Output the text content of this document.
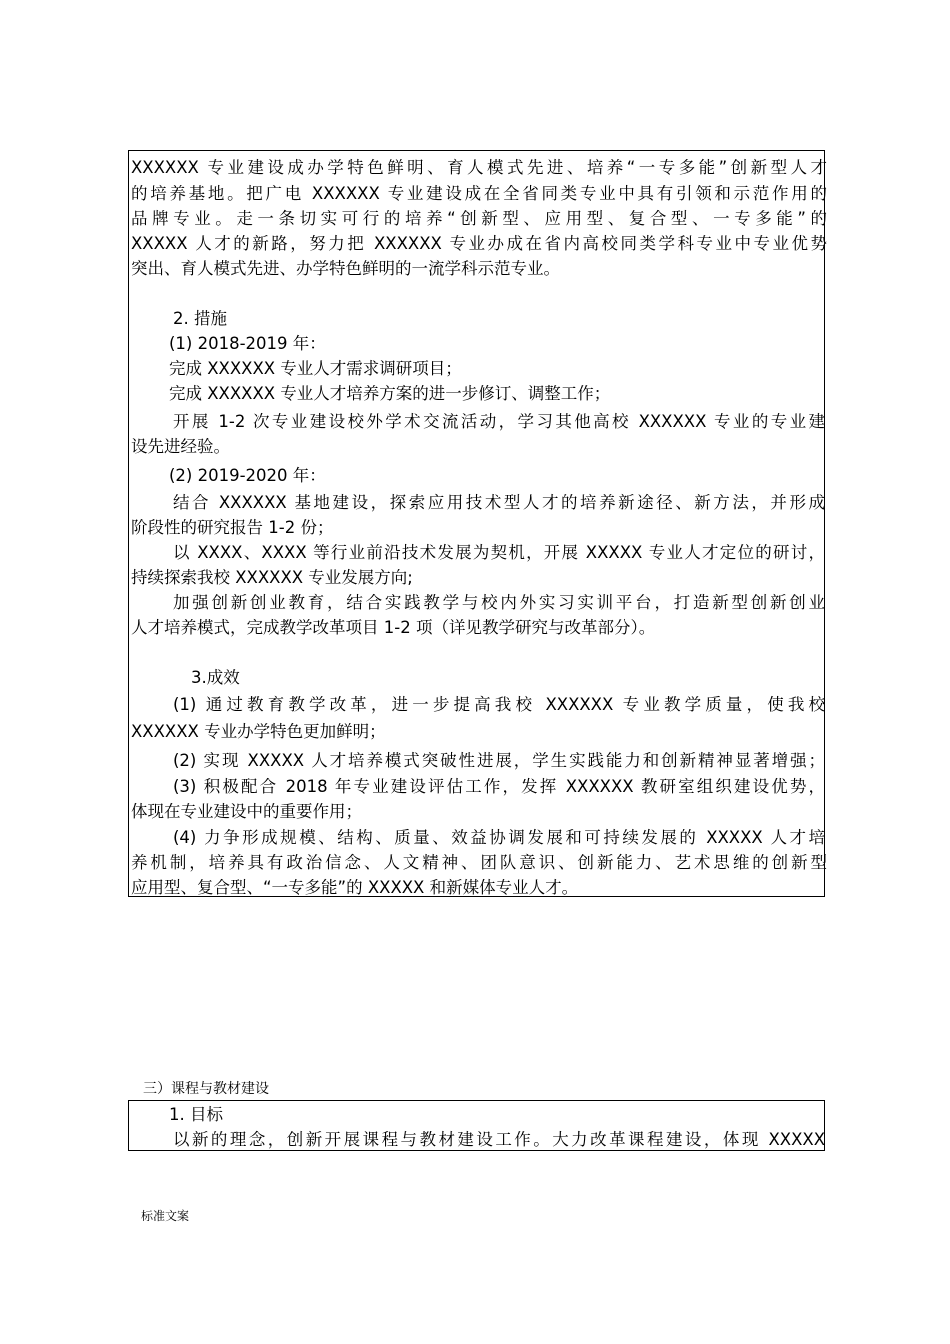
XXXXXX 专业建设成办学特色鲜明、育人模式先进、培养“一专多能”创新型人才
的培养基地。把广电 XXXXXX 专业建设成在全省同类专业中具有引领和示范作用的
品牌专业。走一条切实可行的培养“创新型、应用型、复合型、一专多能”的
XXXXX 人才的新路，努力把 XXXXXX 专业办成在省内高校同类学科专业中专业优势
突出、育人模式先进、办学特色鲜明的一流学科示范专业。
2. 措施
(1) 2018-2019 年：
完成 XXXXXX 专业人才需求调研项目；
完成 XXXXXX 专业人才培养方案的进一步修订、调整工作；
开展 1-2 次专业建设校外学术交流活动，学习其他高校 XXXXXX 专业的专业建
设先进经验。
(2) 2019-2020 年：
结合 XXXXXX 基地建设，探索应用技术型人才的培养新途径、新方法，并形成
阶段性的研究报告 1-2 份；
以 XXXX、XXXX 等行业前沿技术发展为契机，开展 XXXXX 专业人才定位的研讨，
持续探索我校 XXXXXX 专业发展方向;
加强创新创业教育，结合实践教学与校内外实习实训平台，打造新型创新创业
人才培养模式，完成教学改革项目 1-2 项（详见教学研究与改革部分）。
3.成效
(1) 通过教育教学改革，进一步提高我校 XXXXXX 专业教学质量，使我校
XXXXXX 专业办学特色更加鲜明；
(2) 实现 XXXXX 人才培养模式突破性进展，学生实践能力和创新精神显著增强；
(3) 积极配合 2018 年专业建设评估工作，发挥 XXXXXX 教研室组织建设优势，
体现在专业建设中的重要作用；
(4) 力争形成规模、结构、质量、效益协调发展和可持续发展的 XXXXX 人才培
养机制，培养具有政治信念、人文精神、团队意识、创新能力、艺术思维的创新型
应用型、复合型、“一专多能”的 XXXXX 和新媒体专业人才。
三）课程与教材建设
1. 目标
以新的理念，创新开展课程与教材建设工作。大力改革课程建设，体现 XXXXX
标准文案
